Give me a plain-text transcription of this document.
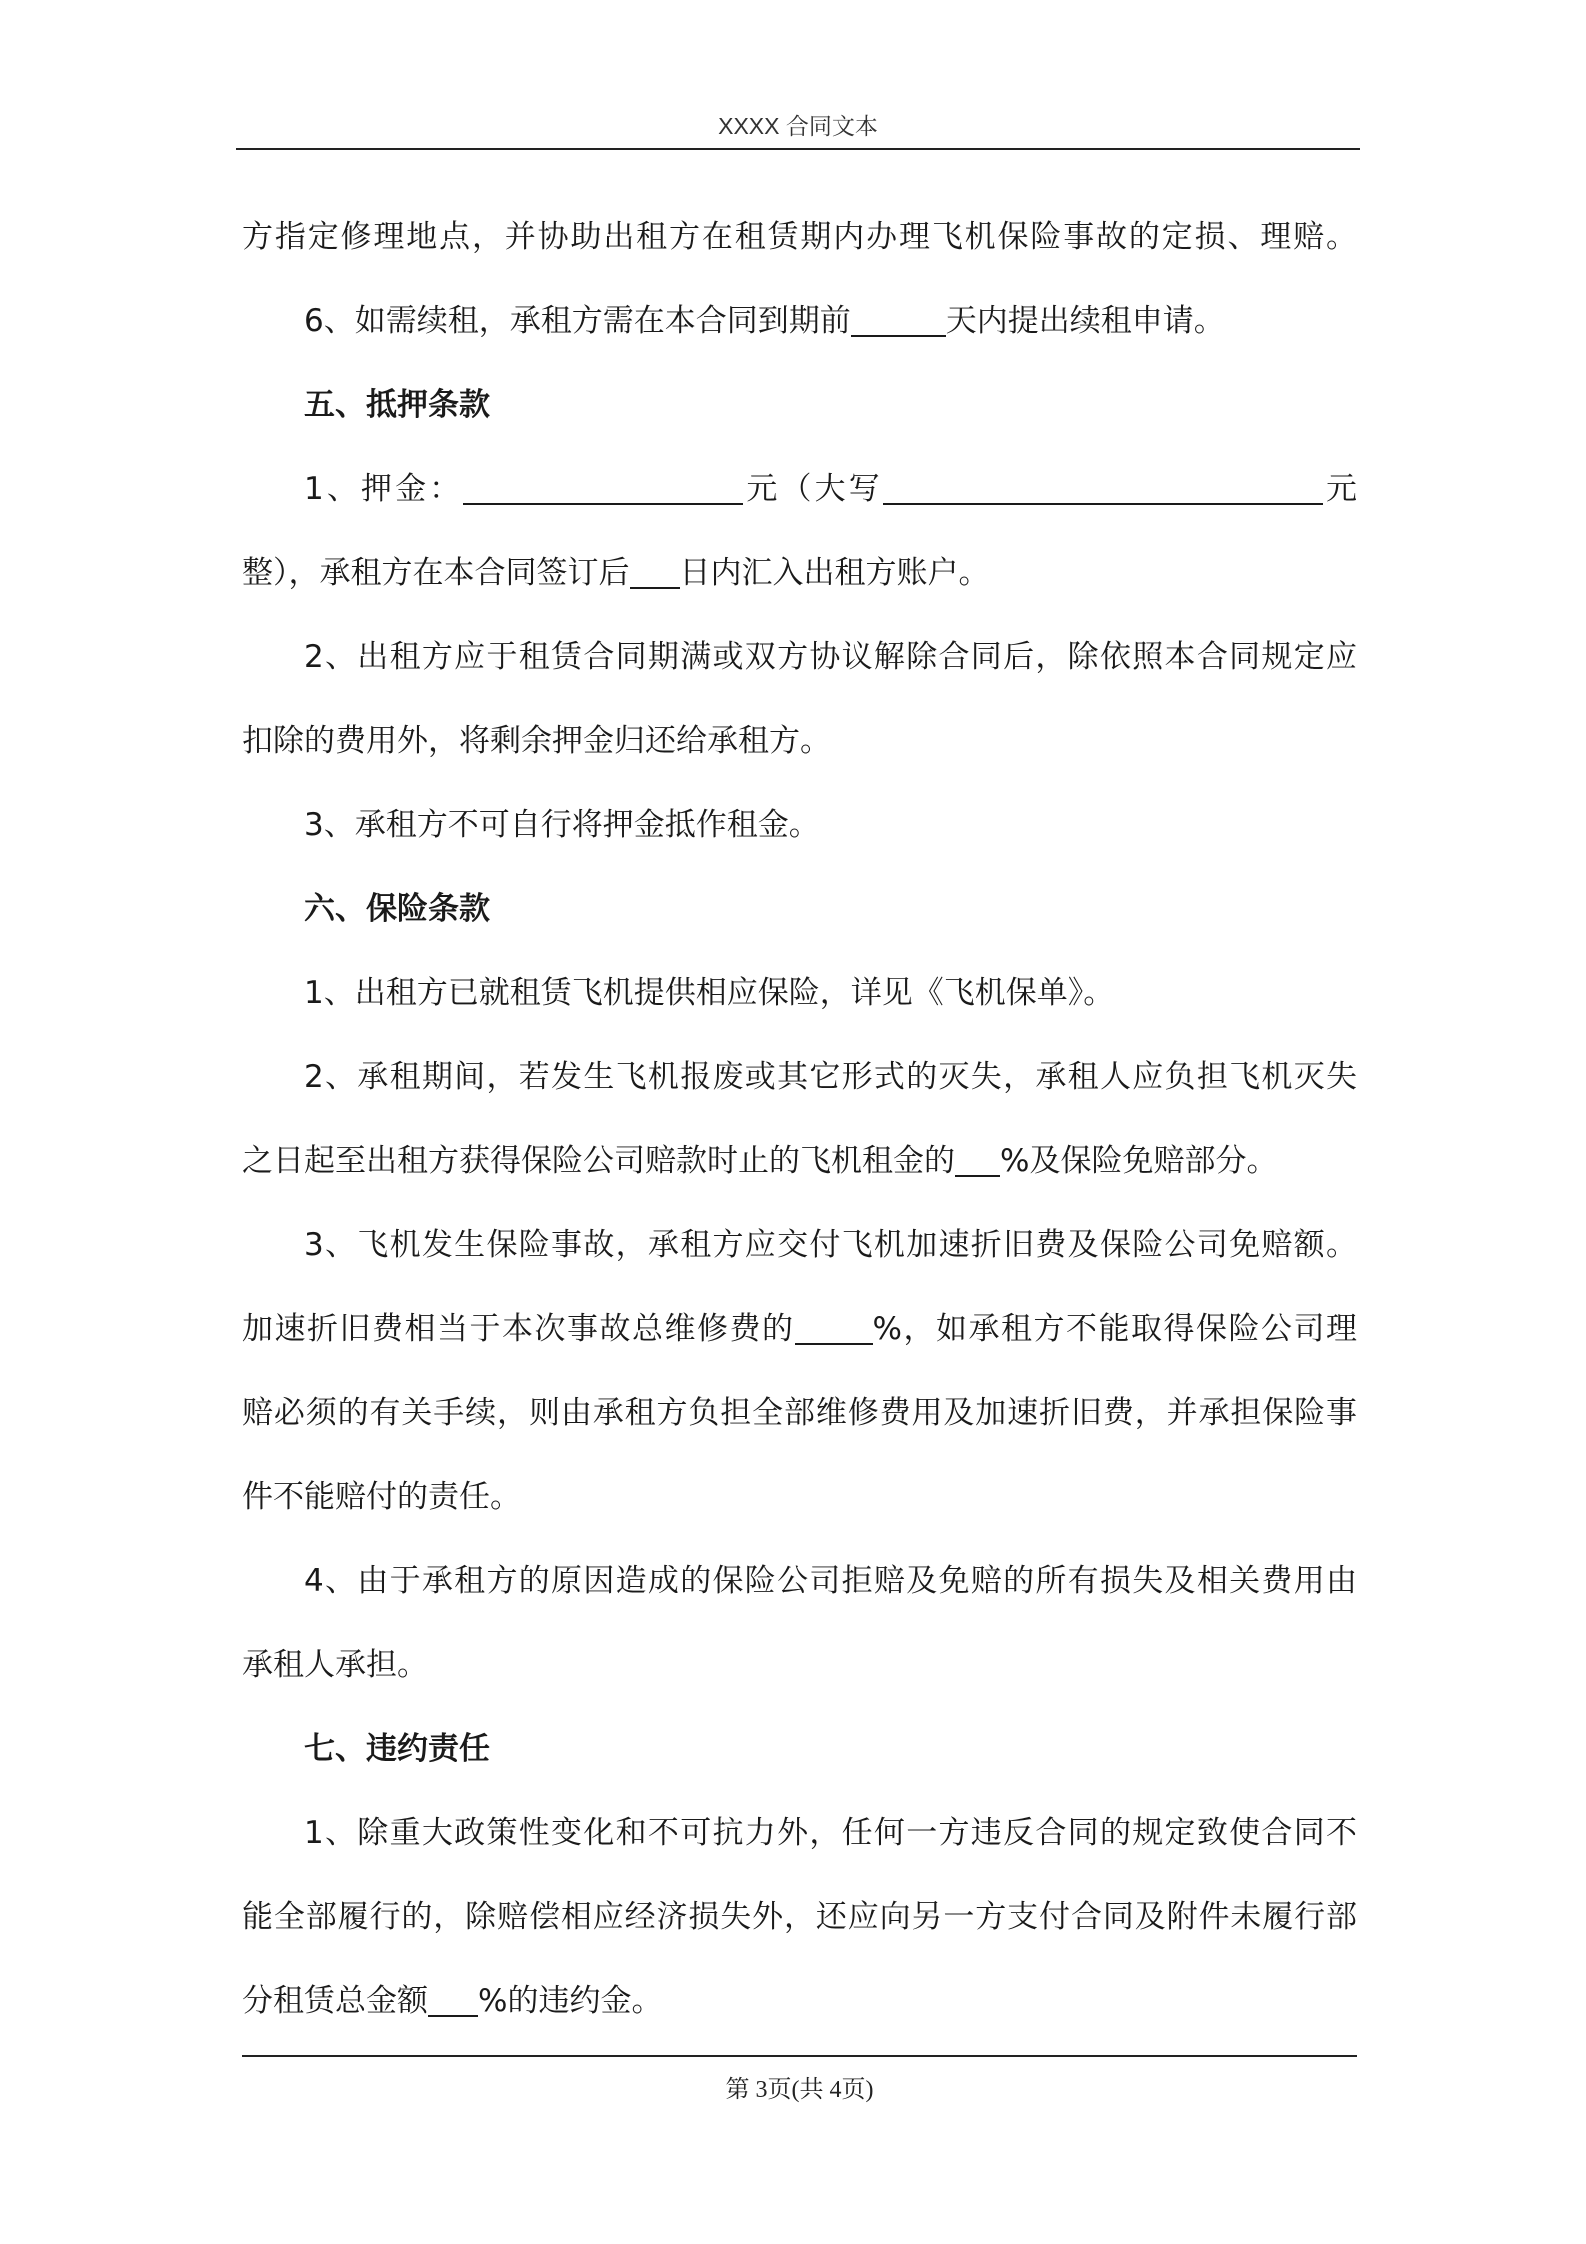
XXXX 合同文本
方指定修理地点，并协助出租方在租赁期内办理飞机保险事故的定损、理赔。
6、如需续租，承租方需在本合同到期前	天内提出续租申请。
五、抵押条款
1、押金：	元（大写	元
整），承租方在本合同签订后 日内汇入出租方账户。
2、出租方应于租赁合同期满或双方协议解除合同后，除依照本合同规定应
扣除的费用外，将剩余押金归还给承租方。
3、承租方不可自行将押金抵作租金。
六、保险条款
1、出租方已就租赁飞机提供相应保险，详见《飞机保单》。
2、承租期间，若发生飞机报废或其它形式的灭失，承租人应负担飞机灭失
之日起至出租方获得保险公司赔款时止的飞机租金的 %及保险免赔部分。
3、飞机发生保险事故，承租方应交付飞机加速折旧费及保险公司免赔额。
加速折旧费相当于本次事故总维修费的	%，如承租方不能取得保险公司理
赔必须的有关手续，则由承租方负担全部维修费用及加速折旧费，并承担保险事
件不能赔付的责任。
4、由于承租方的原因造成的保险公司拒赔及免赔的所有损失及相关费用由
承租人承担。
七、违约责任
1、除重大政策性变化和不可抗力外，任何一方违反合同的规定致使合同不
能全部履行的，除赔偿相应经济损失外，还应向另一方支付合同及附件未履行部
分租赁总金额 %的违约金。
第 3页(共 4页)
